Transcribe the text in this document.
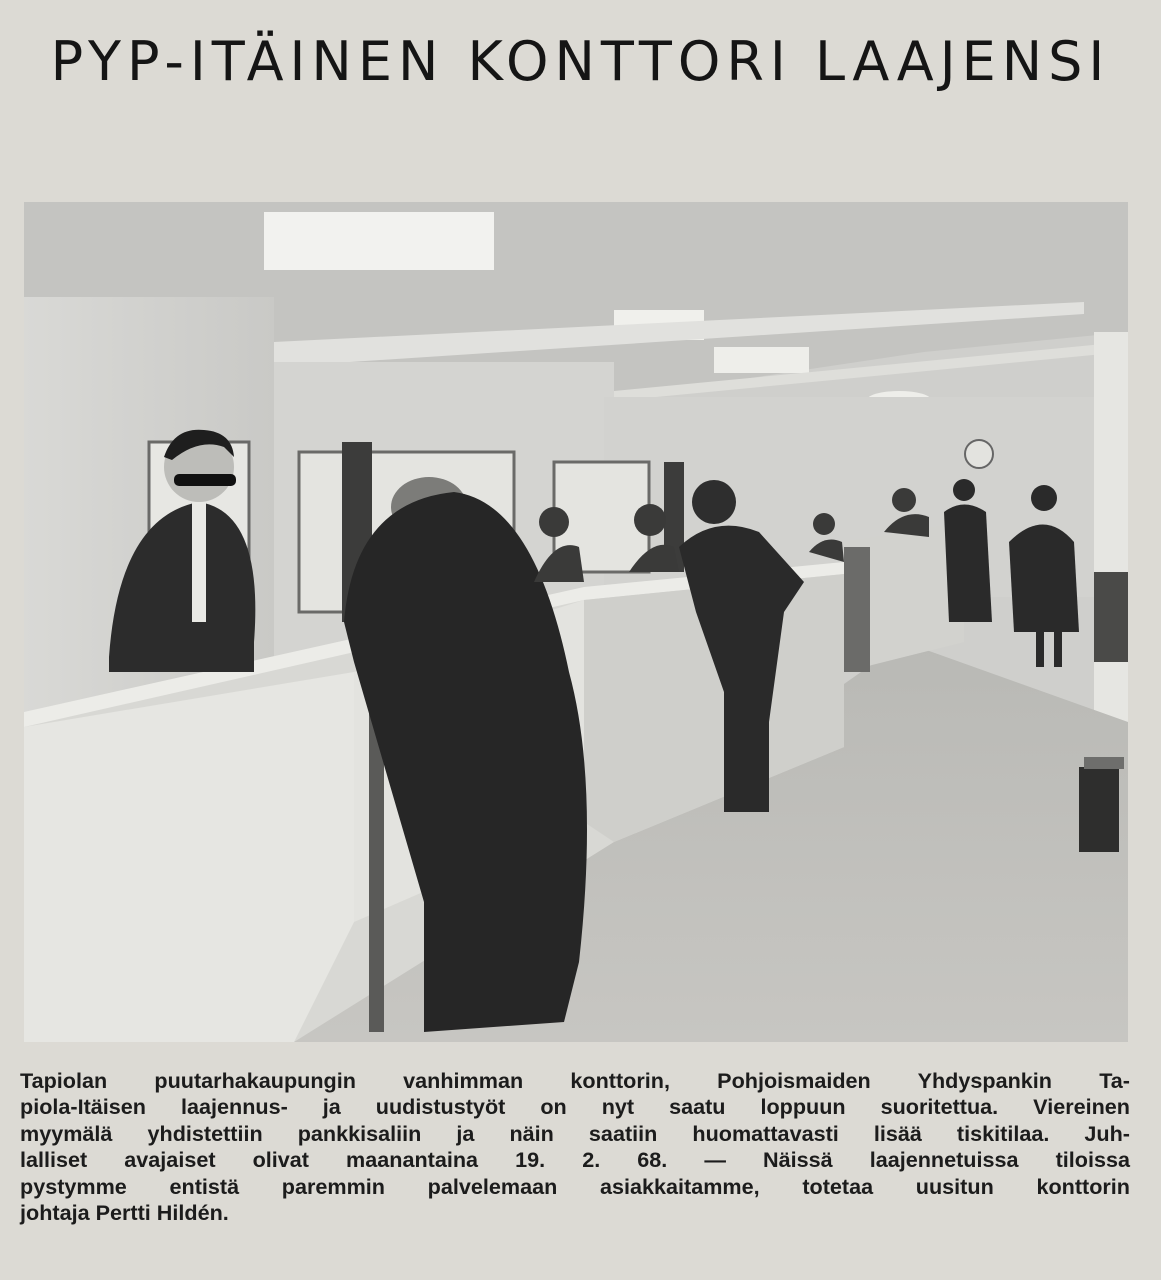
PYP-ITÄINEN KONTTORI LAAJENSI

Tapiolan puutarhakaupungin vanhimman konttorin, Pohjoismaiden Yhdyspankin Ta-
piola-Itäisen laajennus- ja uudistustyöt on nyt saatu loppuun suoritettua. Viereinen
myymälä yhdistettiin pankkisaliin ja näin saatiin huomattavasti lisää tiskitilaa. Juh-
lalliset avajaiset olivat maanantaina 19. 2. 68. — Näissä laajennetuissa tiloissa
pystymme entistä paremmin palvelemaan asiakkaitamme, totetaa uusitun konttorin
johtaja Pertti Hildén.
